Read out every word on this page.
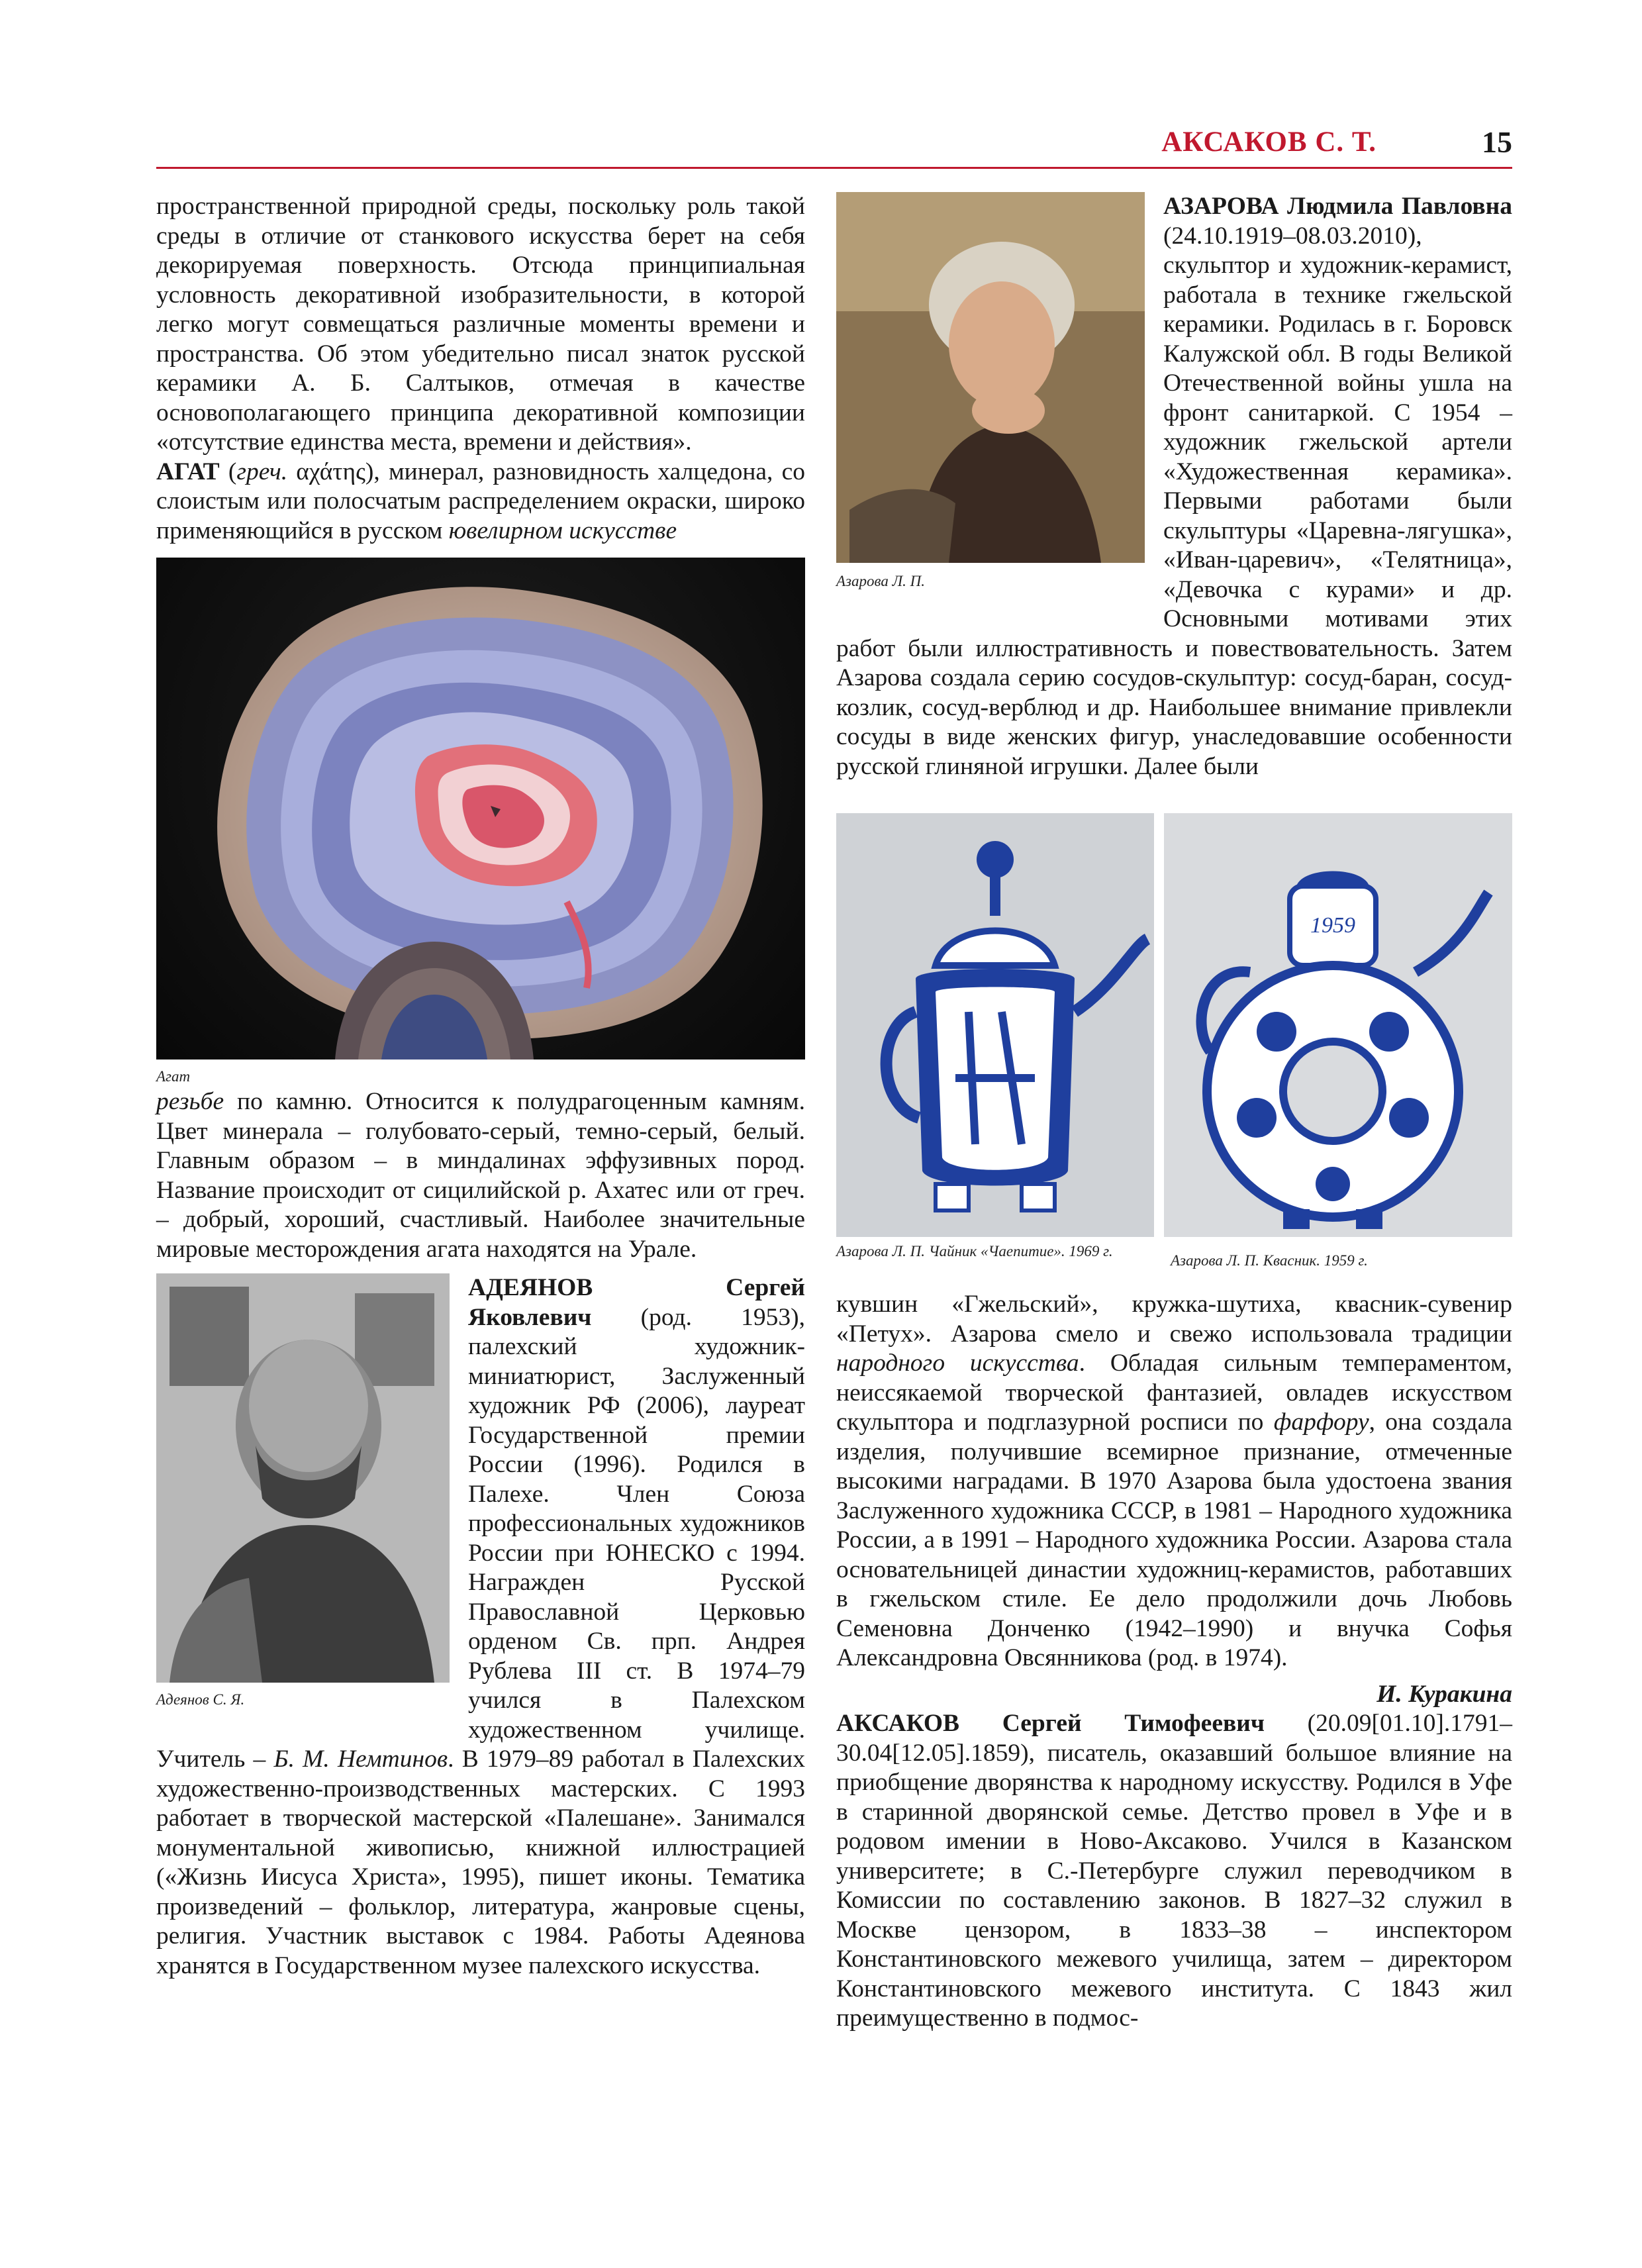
АКСАКОВ С. Т.	15

пространственной природной среды, поскольку роль такой среды в отличие от станкового искусства берет на себя декорируемая поверхность. Отсюда принципиальная условность декоративной изобразительности, в которой легко могут совмещаться различные моменты времени и пространства. Об этом убедительно писал знаток русской керамики А. Б. Салтыков, отмечая в качестве основополагающего принципа декоративной композиции «отсутствие единства места, времени и действия».

АГАТ (греч. αχάτης), минерал, разновидность халцедона, со слоистым или полосчатым распределением окраски, широко применяющийся в русском ювелирном искусстве

Агат

резьбе по камню. Относится к полудрагоценным камням. Цвет минерала – голубовато-серый, темно-серый, белый. Главным образом – в миндалинах эффузивных пород. Название происходит от сицилийской р. Ахатес или от греч. – добрый, хороший, счастливый. Наиболее значительные мировые месторождения агата находятся на Урале.

Адеянов С. Я.

АДЕЯНОВ Сергей Яковлевич (род. 1953), палехский художник-миниатюрист, Заслуженный художник РФ (2006), лауреат Государственной премии России (1996). Родился в Палехе. Член Союза профессиональных художников России при ЮНЕСКО с 1994. Награжден Русской Православной Церковью орденом Св. прп. Андрея Рублева III ст. В 1974–79 учился в Палехском художественном училище. Учитель – Б. М. Немтинов. В 1979–89 работал в Палехских художественно-производственных мастерских. С 1993 работает в творческой мастерской «Палешане». Занимался монументальной живописью, книжной иллюстрацией («Жизнь Иисуса Христа», 1995), пишет иконы. Тематика произведений – фольклор, литература, жанровые сцены, религия. Участник выставок с 1984. Работы Адеянова хранятся в Государственном музее палехского искусства.

Азарова Л. П.

АЗАРОВА Людмила Павловна (24.10.1919–08.03.2010), скульптор и художник-керамист, работала в технике гжельской керамики. Родилась в г. Боровск Калужской обл. В годы Великой Отечественной войны ушла на фронт санитаркой. С 1954 – художник гжельской артели «Художественная керамика». Первыми работами были скульптуры «Царевна-лягушка», «Иван-царевич», «Телятница», «Девочка с курами» и др. Основными мотивами этих работ были иллюстративность и повествовательность. Затем Азарова создала серию сосудов-скульптур: сосуд-баран, сосуд-козлик, сосуд-верблюд и др. Наибольшее внимание привлекли сосуды в виде женских фигур, унаследовавшие особенности русской глиняной игрушки. Далее были

Азарова Л. П. Чайник «Чаепитие». 1969 г.

1959

Азарова Л. П. Квасник. 1959 г.

кувшин «Гжельский», кружка-шутиха, квасник-сувенир «Петух». Азарова смело и свежо использовала традиции народного искусства. Обладая сильным темпераментом, неиссякаемой творческой фантазией, овладев искусством скульптора и подглазурной росписи по фарфору, она создала изделия, получившие всемирное признание, отмеченные высокими наградами. В 1970 Азарова была удостоена звания Заслуженного художника СССР, в 1981 – Народного художника России, а в 1991 – Народного художника России. Азарова стала основательницей династии художниц-керамистов, работавших в гжельском стиле. Ее дело продолжили дочь Любовь Семеновна Донченко (1942–1990) и внучка Софья Александровна Овсянникова (род. в 1974).

И. Куракина

АКСАКОВ Сергей Тимофеевич (20.09[01.10].1791–30.04[12.05].1859), писатель, оказавший большое влияние на приобщение дворянства к народному искусству. Родился в Уфе в старинной дворянской семье. Детство провел в Уфе и в родовом имении в Ново-Аксаково. Учился в Казанском университете; в С.-Петербурге служил переводчиком в Комиссии по составлению законов. В 1827–32 служил в Москве цензором, в 1833–38 – инспектором Константиновского межевого училища, затем – директором Константиновского межевого института. С 1843 жил преимущественно в подмос-
